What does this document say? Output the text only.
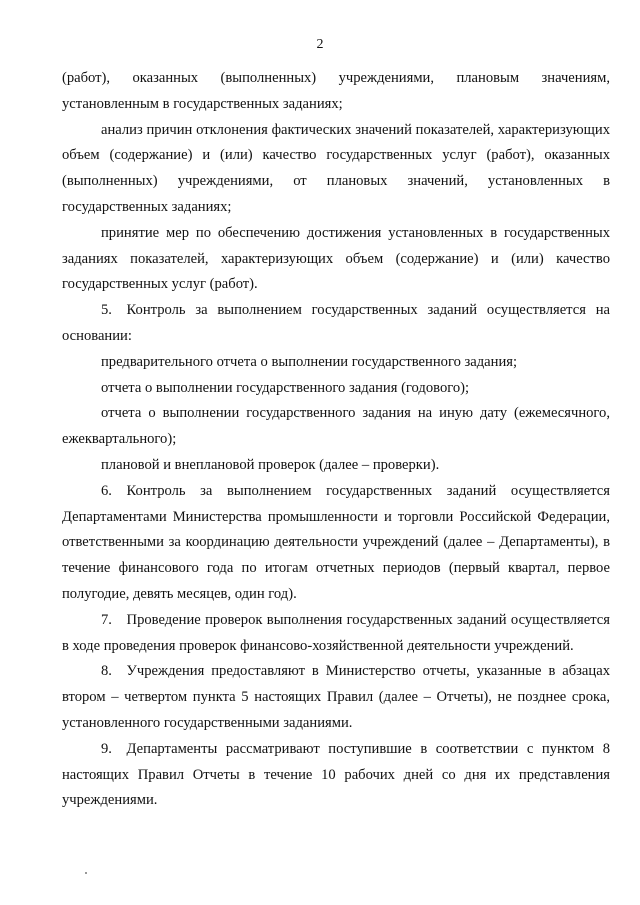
2

(работ), оказанных (выполненных) учреждениями, плановым значениям, установленным в государственных заданиях;

анализ причин отклонения фактических значений показателей, характеризующих объем (содержание) и (или) качество государственных услуг (работ), оказанных (выполненных) учреждениями, от плановых значений, установленных в государственных заданиях;

принятие мер по обеспечению достижения установленных в государственных заданиях показателей, характеризующих объем (содержание) и (или) качество государственных услуг (работ).

5. Контроль за выполнением государственных заданий осуществляется на основании:

предварительного отчета о выполнении государственного задания;

отчета о выполнении государственного задания (годового);

отчета о выполнении государственного задания на иную дату (ежемесячного, ежеквартального);

плановой и внеплановой проверок (далее – проверки).

6. Контроль за выполнением государственных заданий осуществляется Департаментами Министерства промышленности и торговли Российской Федерации, ответственными за координацию деятельности учреждений (далее – Департаменты), в течение финансового года по итогам отчетных периодов (первый квартал, первое полугодие, девять месяцев, один год).

7. Проведение проверок выполнения государственных заданий осуществляется в ходе проведения проверок финансово-хозяйственной деятельности учреждений.

8. Учреждения предоставляют в Министерство отчеты, указанные в абзацах втором – четвертом пункта 5 настоящих Правил (далее – Отчеты), не позднее срока, установленного государственными заданиями.

9. Департаменты рассматривают поступившие в соответствии с пунктом 8 настоящих Правил Отчеты в течение 10 рабочих дней со дня их представления учреждениями.
